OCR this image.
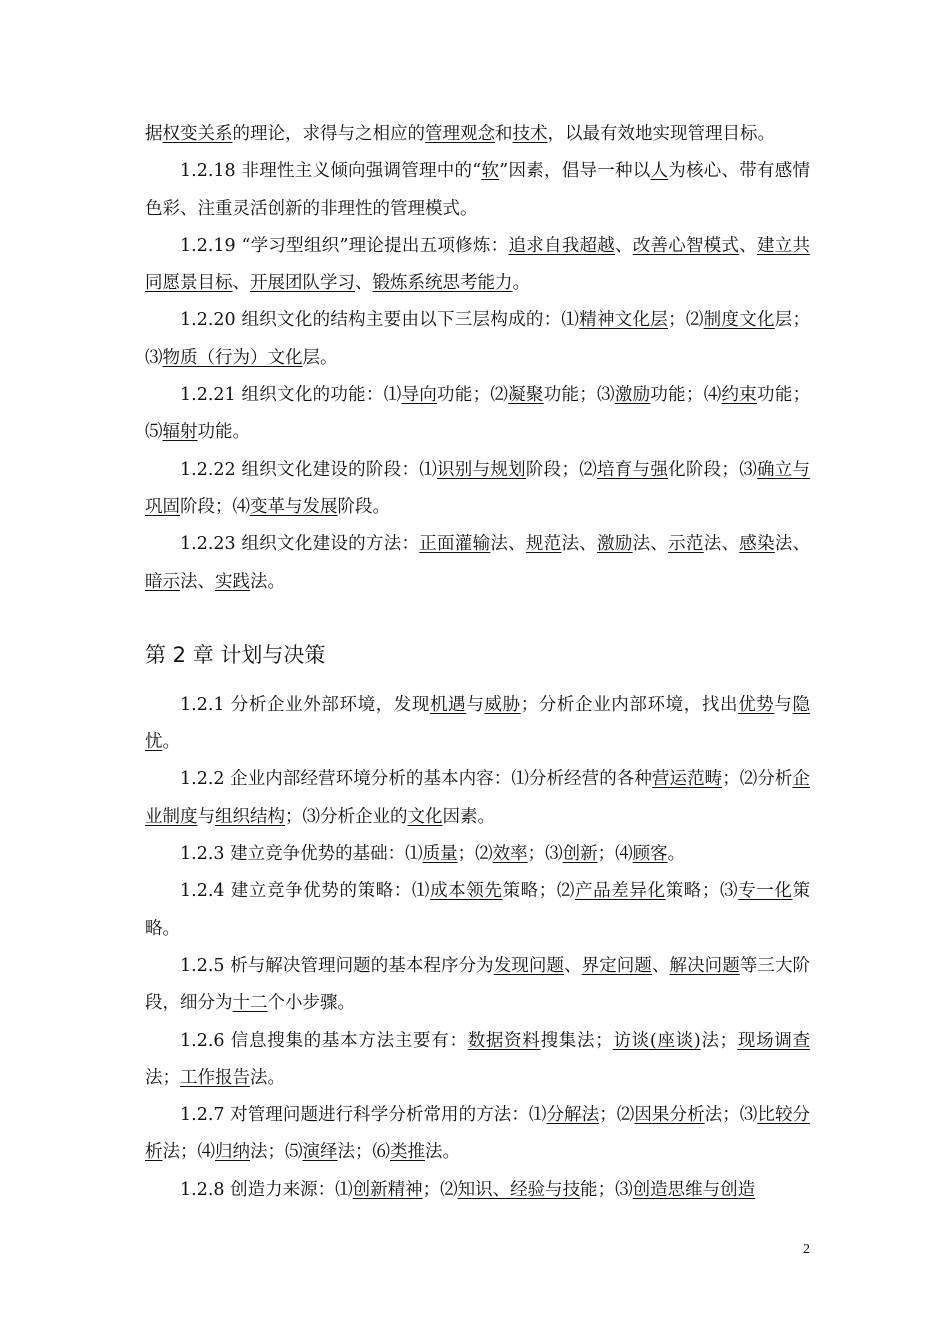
据权变关系的理论，求得与之相应的管理观念和技术，以最有效地实现管理目标。

1.2.18 非理性主义倾向强调管理中的“软”因素，倡导一种以人为核心、带有感情色彩、注重灵活创新的非理性的管理模式。

1.2.19 “学习型组织”理论提出五项修炼：追求自我超越、改善心智模式、建立共同愿景目标、开展团队学习、锻炼系统思考能力。

1.2.20 组织文化的结构主要由以下三层构成的：⑴精神文化层；⑵制度文化层；⑶物质（行为）文化层。

1.2.21 组织文化的功能：⑴导向功能；⑵凝聚功能；⑶激励功能；⑷约束功能；⑸辐射功能。

1.2.22 组织文化建设的阶段：⑴识别与规划阶段；⑵培育与强化阶段；⑶确立与巩固阶段；⑷变革与发展阶段。

1.2.23 组织文化建设的方法：正面灌输法、规范法、激励法、示范法、感染法、暗示法、实践法。

第 2 章 计划与决策

1.2.1 分析企业外部环境，发现机遇与威胁；分析企业内部环境，找出优势与隐忧。

1.2.2 企业内部经营环境分析的基本内容：⑴分析经营的各种营运范畴；⑵分析企业制度与组织结构；⑶分析企业的文化因素。

1.2.3 建立竞争优势的基础：⑴质量；⑵效率；⑶创新；⑷顾客。

1.2.4 建立竞争优势的策略：⑴成本领先策略；⑵产品差异化策略；⑶专一化策略。

1.2.5 析与解决管理问题的基本程序分为发现问题、界定问题、解决问题等三大阶段，细分为十二个小步骤。

1.2.6 信息搜集的基本方法主要有：数据资料搜集法；访谈(座谈)法；现场调查法；工作报告法。

1.2.7 对管理问题进行科学分析常用的方法：⑴分解法；⑵因果分析法；⑶比较分析法；⑷归纳法；⑸演绎法；⑹类推法。

1.2.8 创造力来源：⑴创新精神；⑵知识、经验与技能；⑶创造思维与创造

2
